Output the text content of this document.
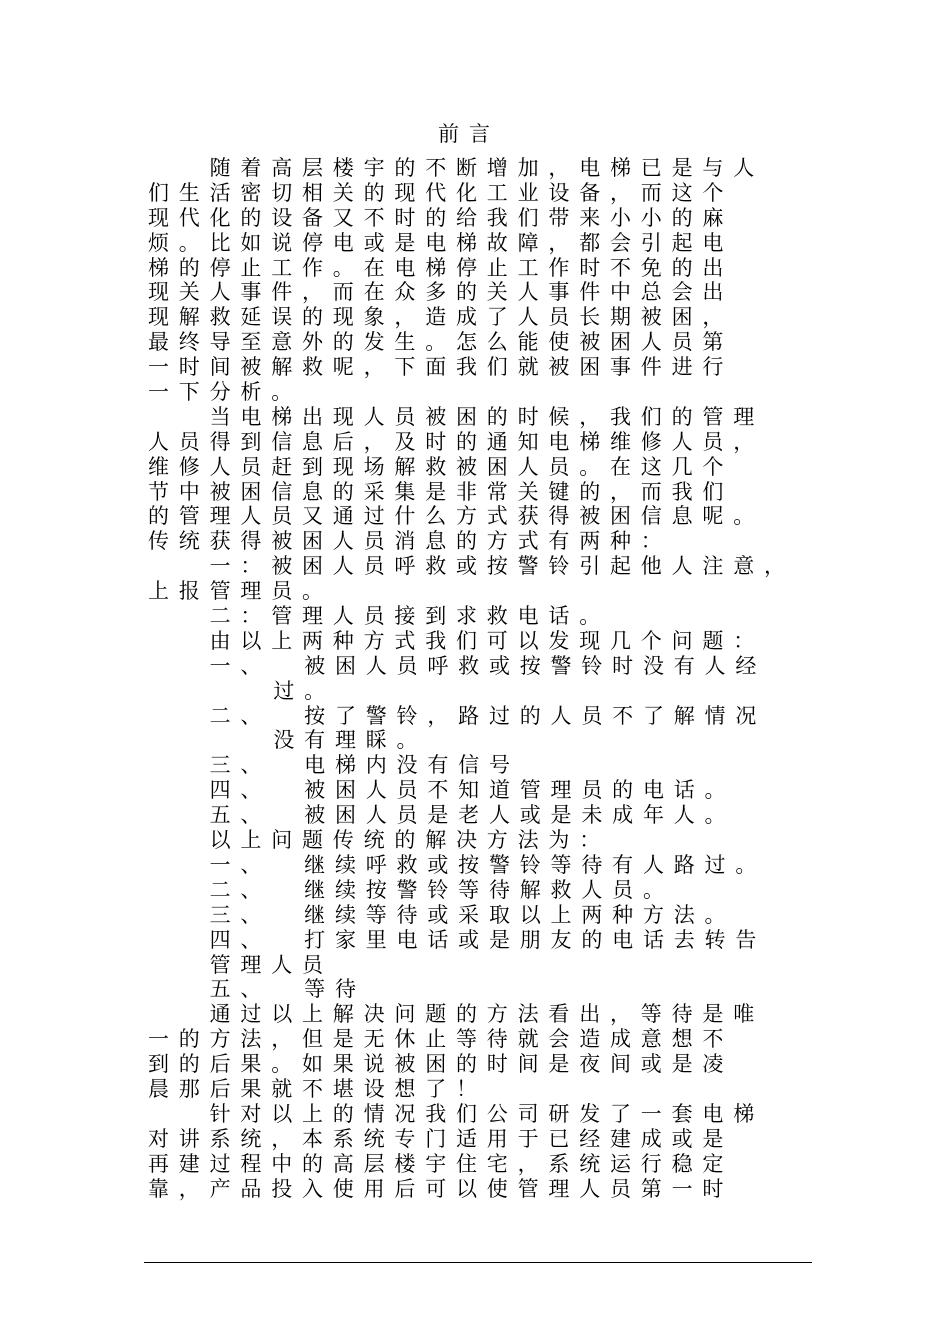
前言
　　随着高层楼宇的不断增加，电梯已是与人
们生活密切相关的现代化工业设备，而这个
现代化的设备又不时的给我们带来小小的麻
烦。比如说停电或是电梯故障，都会引起电
梯的停止工作。在电梯停止工作时不免的出
现关人事件，而在众多的关人事件中总会出
现解救延误的现象，造成了人员长期被困，
最终导至意外的发生。怎么能使被困人员第
一时间被解救呢，下面我们就被困事件进行
一下分析。
　　当电梯出现人员被困的时候，我们的管理
人员得到信息后，及时的通知电梯维修人员，
维修人员赶到现场解救被困人员。在这几个
节中被困信息的采集是非常关键的，而我们
的管理人员又通过什么方式获得被困信息呢。
传统获得被困人员消息的方式有两种：
　　一：被困人员呼救或按警铃引起他人注意，
上报管理员。
　　二：管理人员接到求救电话。
　　由以上两种方式我们可以发现几个问题：
　　一、  被困人员呼救或按警铃时没有人经
　　　  过。
　　二、  按了警铃，路过的人员不了解情况
　　　  没有理睬。
　　三、  电梯内没有信号
　　四、  被困人员不知道管理员的电话。
　　五、  被困人员是老人或是未成年人。
　　以上问题传统的解决方法为：
　　一、  继续呼救或按警铃等待有人路过。
　　二、  继续按警铃等待解救人员。
　　三、  继续等待或采取以上两种方法。
　　四、  打家里电话或是朋友的电话去转告
　　管理人员
　　五、  等待
　　通过以上解决问题的方法看出，等待是唯
一的方法，但是无休止等待就会造成意想不
到的后果。如果说被困的时间是夜间或是凌
晨那后果就不堪设想了！
　　针对以上的情况我们公司研发了一套电梯
对讲系统，本系统专门适用于已经建成或是
再建过程中的高层楼宇住宅，系统运行稳定
靠，产品投入使用后可以使管理人员第一时
